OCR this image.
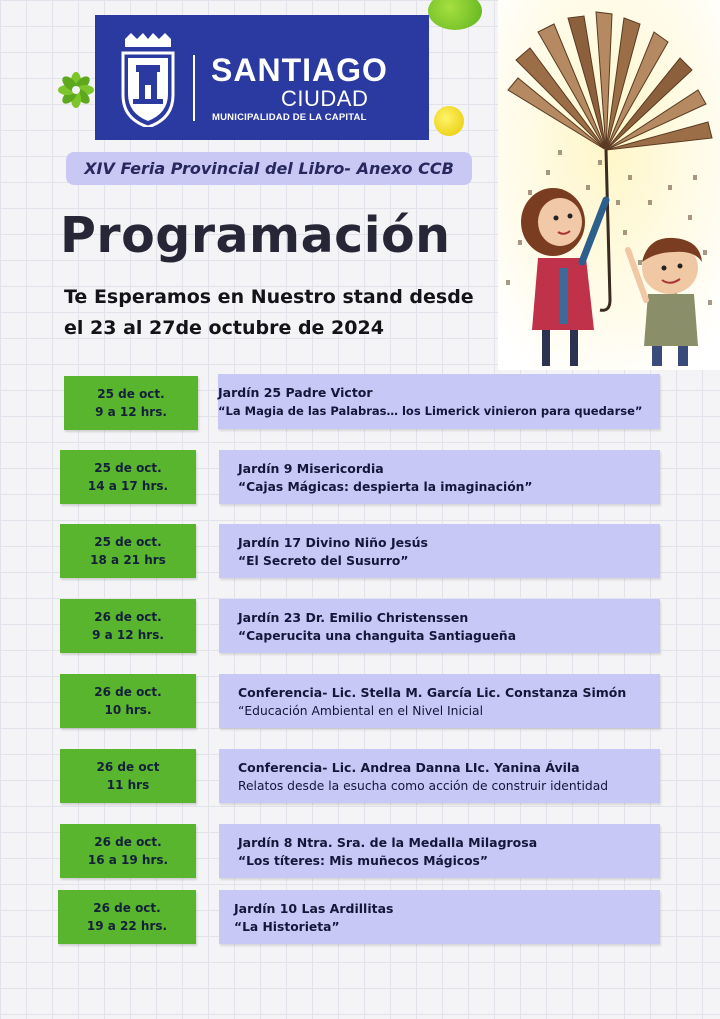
SANTIAGO
CIUDAD
MUNICIPALIDAD DE LA CAPITAL
XIV Feria Provincial del Libro- Anexo CCB
Programación
Te Esperamos en Nuestro stand desde
el 23 al 27de octubre de 2024
25 de oct.
9 a 12 hrs.
Jardín 25 Padre Victor
“La Magia de las Palabras… los Limerick vinieron para quedarse”
25 de oct.
14 a 17 hrs.
Jardín 9 Misericordia
“Cajas Mágicas: despierta la imaginación”
25 de oct.
18 a 21 hrs
Jardín 17 Divino Niño Jesús
“El Secreto del Susurro”
26 de oct.
9 a 12 hrs.
Jardín 23 Dr. Emilio Christenssen
“Caperucita una changuita Santiagueña
26 de oct.
10 hrs.
Conferencia- Lic. Stella M. García Lic. Constanza Simón
“Educación Ambiental en el Nivel Inicial
26 de oct
11 hrs
Conferencia- Lic. Andrea Danna LIc. Yanina Ávila
Relatos desde la esucha como acción de construir identidad
26 de oct.
16 a 19 hrs.
Jardín 8 Ntra. Sra. de la Medalla Milagrosa
“Los títeres: Mis muñecos Mágicos”
26 de oct.
19 a 22 hrs.
Jardín 10 Las Ardillitas
“La Historieta”
